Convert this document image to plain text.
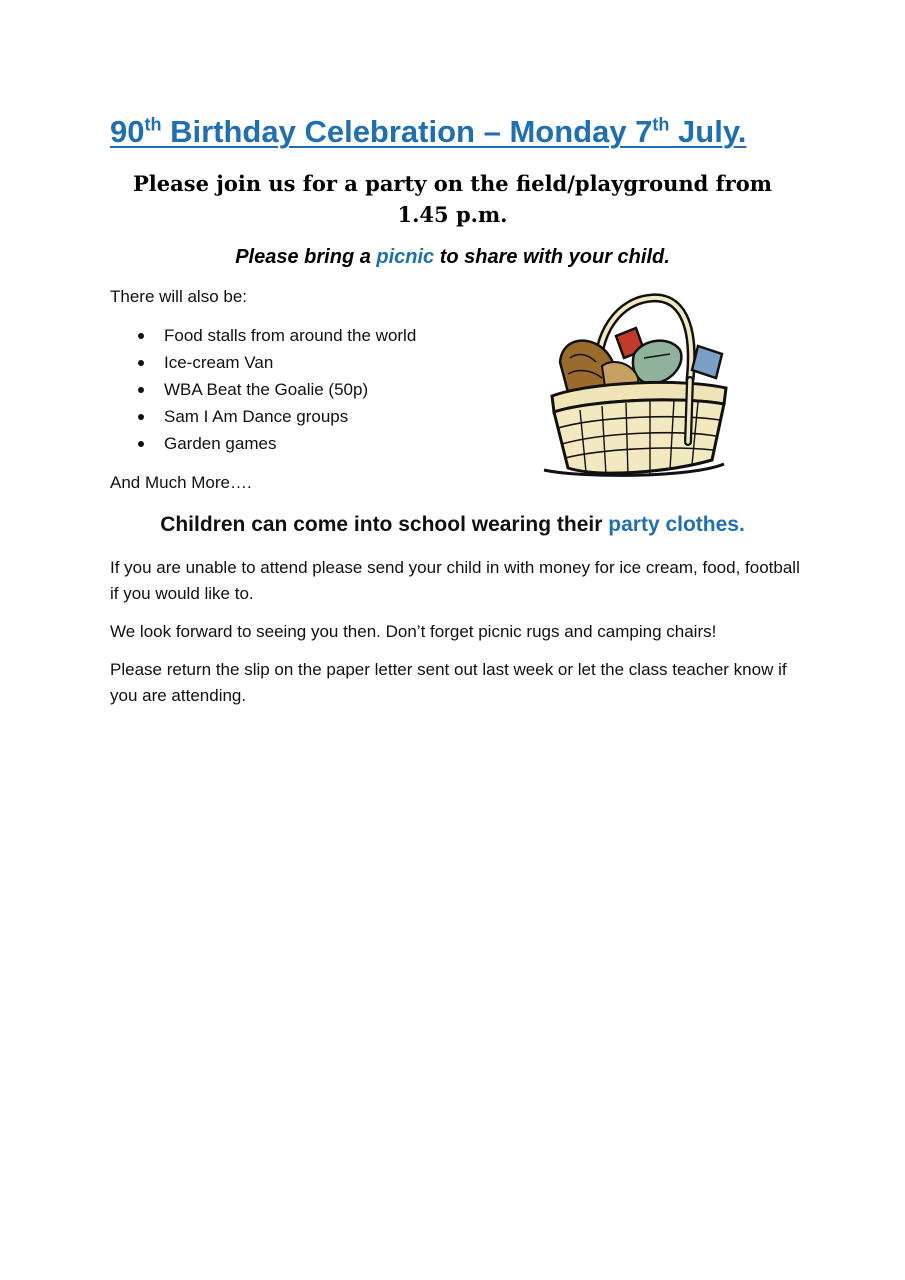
90th Birthday Celebration – Monday 7th July.

Please join us for a party on the field/playground from 1.45 p.m.

Please bring a picnic to share with your child.

There will also be:

Food stalls from around the world
Ice-cream Van
WBA Beat the Goalie (50p)
Sam I Am Dance groups
Garden games

And Much More….

Children can come into school wearing their party clothes.

If you are unable to attend please send your child in with money for ice cream, food, football if you would like to.

We look forward to seeing you then. Don’t forget picnic rugs and camping chairs!

Please return the slip on the paper letter sent out last week or let the class teacher know if you are attending.
